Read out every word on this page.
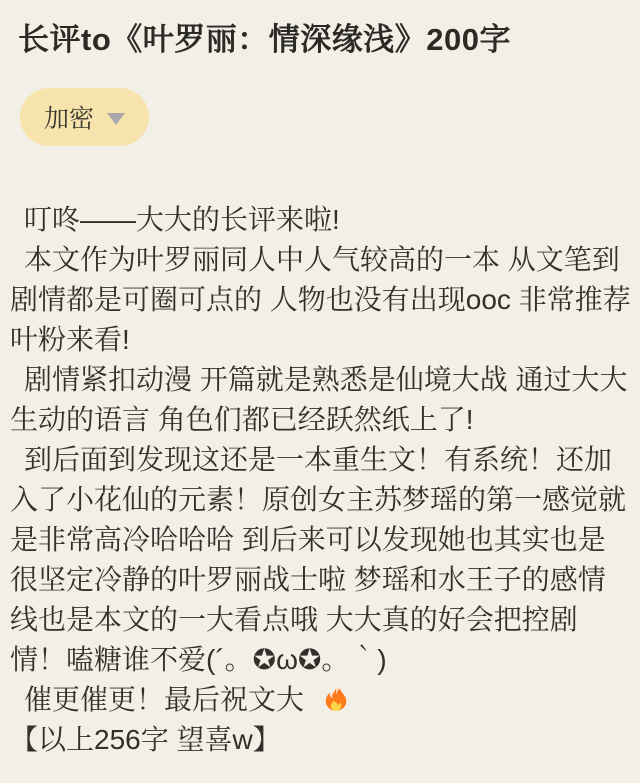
长评to《叶罗丽：情深缘浅》200字
加密

叮咚——大大的长评来啦!

本文作为叶罗丽同人中人气较高的一本 从文笔到剧情都是可圈可点的 人物也没有出现ooc 非常推荐叶粉来看!

剧情紧扣动漫 开篇就是熟悉是仙境大战 通过大大生动的语言 角色们都已经跃然纸上了!

到后面到发现这还是一本重生文！有系统！还加入了小花仙的元素！原创女主苏梦瑶的第一感觉就是非常高冷哈哈哈 到后来可以发现她也其实也是很坚定冷静的叶罗丽战士啦 梦瑶和水王子的感情线也是本文的一大看点哦 大大真的好会把控剧情！嗑糖谁不爱(´。✪ω✪。｀)

催更催更！最后祝文大

【以上256字 望喜w】
